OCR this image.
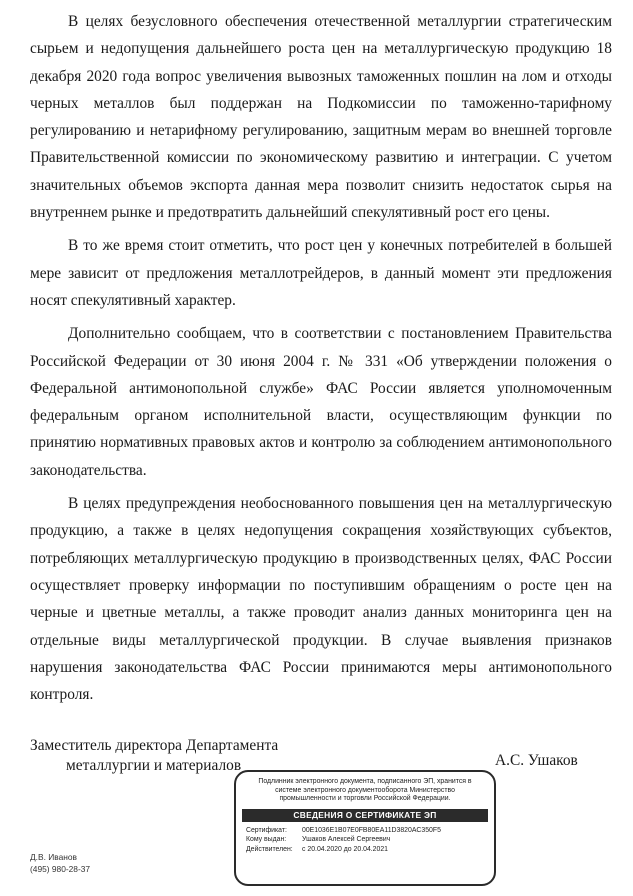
В целях безусловного обеспечения отечественной металлургии стратегическим сырьем и недопущения дальнейшего роста цен на металлургическую продукцию 18 декабря 2020 года вопрос увеличения вывозных таможенных пошлин на лом и отходы черных металлов был поддержан на Подкомиссии по таможенно-тарифному регулированию и нетарифному регулированию, защитным мерам во внешней торговле Правительственной комиссии по экономическому развитию и интеграции. С учетом значительных объемов экспорта данная мера позволит снизить недостаток сырья на внутреннем рынке и предотвратить дальнейший спекулятивный рост его цены.

В то же время стоит отметить, что рост цен у конечных потребителей в большей мере зависит от предложения металлотрейдеров, в данный момент эти предложения носят спекулятивный характер.

Дополнительно сообщаем, что в соответствии с постановлением Правительства Российской Федерации от 30 июня 2004 г. № 331 «Об утверждении положения о Федеральной антимонопольной службе» ФАС России является уполномоченным федеральным органом исполнительной власти, осуществляющим функции по принятию нормативных правовых актов и контролю за соблюдением антимонопольного законодательства.

В целях предупреждения необоснованного повышения цен на металлургическую продукцию, а также в целях недопущения сокращения хозяйствующих субъектов, потребляющих металлургическую продукцию в производственных целях, ФАС России осуществляет проверку информации по поступившим обращениям о росте цен на черные и цветные металлы, а также проводит анализ данных мониторинга цен на отдельные виды металлургической продукции. В случае выявления признаков нарушения законодательства ФАС России принимаются меры антимонопольного контроля.

Заместитель директора Департамента
металлургии и материалов	А.С. Ушаков
Подлинник электронного документа, подписанного ЭП, хранится в системе электронного документооборота Министерство промышленности и торговли Российской Федерации.
СВЕДЕНИЯ О СЕРТИФИКАТЕ ЭП
Сертификат: 00E1036E1B07E0FB80EA11D3820AC350F5
Кому выдан: Ушаков Алексей Сергеевич
Действителен: с 20.04.2020 до 20.04.2021
Д.В. Иванов
(495) 980-28-37
